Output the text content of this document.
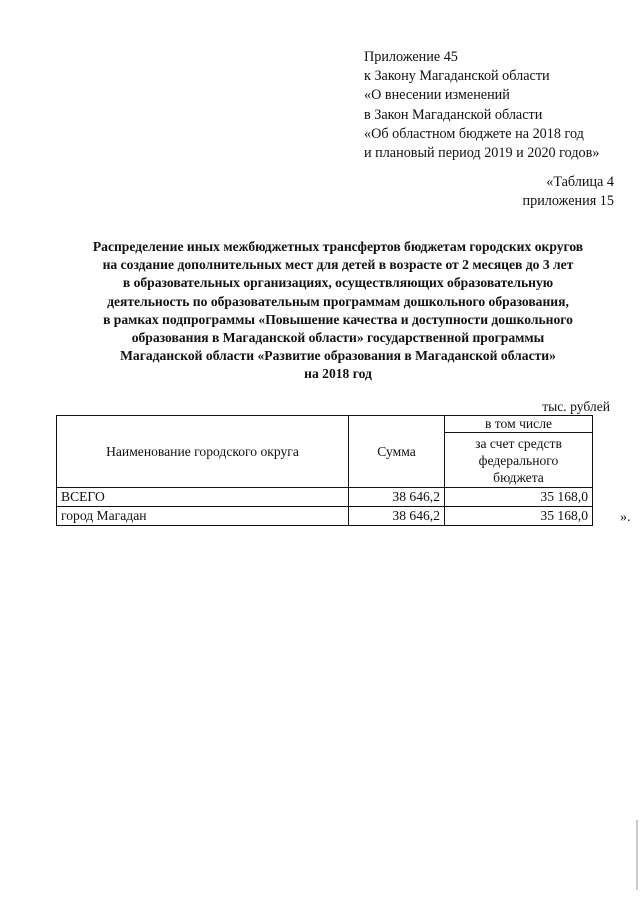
Приложение 45
к Закону Магаданской области
«О внесении изменений
в Закон Магаданской области
«Об областном бюджете на 2018 год
и плановый период 2019 и 2020 годов»
«Таблица 4
приложения 15
Распределение иных межбюджетных трансфертов бюджетам городских округов
на создание дополнительных мест для детей в возрасте от 2 месяцев до 3 лет
в образовательных организациях, осуществляющих образовательную
деятельность по образовательным программам дошкольного образования,
в рамках подпрограммы «Повышение качества и доступности дошкольного
образования в Магаданской области» государственной программы
Магаданской области «Развитие образования в Магаданской области»
на 2018 год
тыс. рублей
Наименование городского округа	Сумма	в том числе

		за счет средств
федерального
бюджета

ВСЕГО	38 646,2	35 168,0
город Магадан	38 646,2	35 168,0 ».
